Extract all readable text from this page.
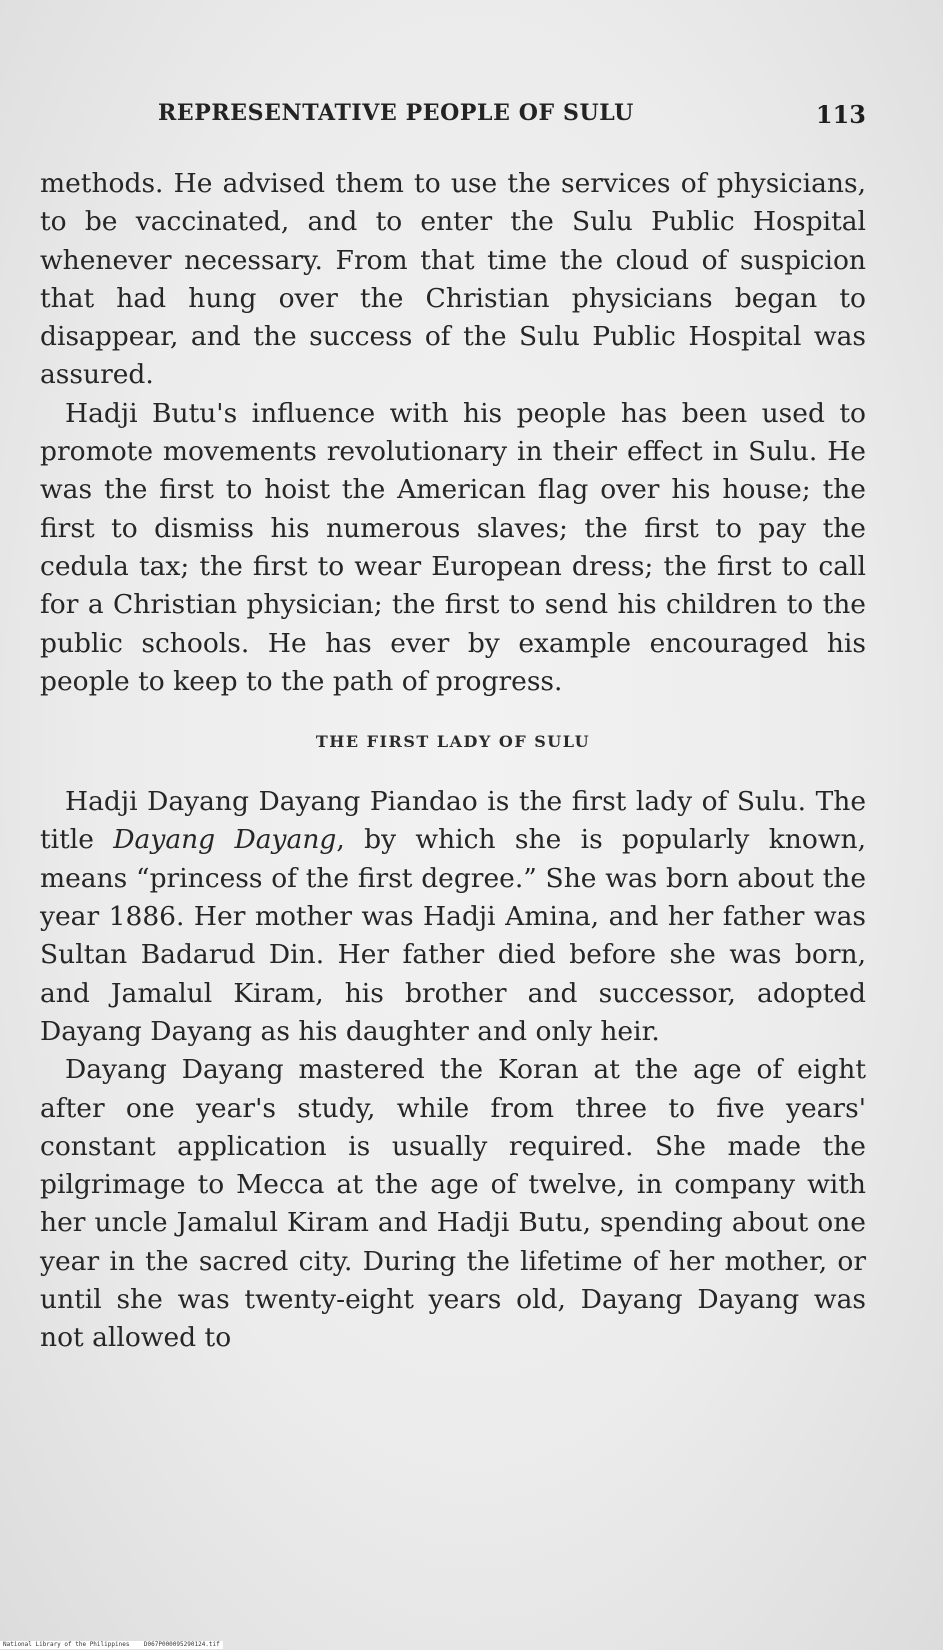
REPRESENTATIVE PEOPLE OF SULU	113

methods. He advised them to use the services of physicians, to be vaccinated, and to enter the Sulu Public Hospital whenever necessary. From that time the cloud of suspicion that had hung over the Christian physicians began to disappear, and the success of the Sulu Public Hospital was assured.

Hadji Butu's influence with his people has been used to promote movements revolutionary in their effect in Sulu. He was the first to hoist the American flag over his house; the first to dismiss his numerous slaves; the first to pay the cedula tax; the first to wear European dress; the first to call for a Christian physician; the first to send his children to the public schools. He has ever by example encouraged his people to keep to the path of progress.

THE FIRST LADY OF SULU

Hadji Dayang Dayang Piandao is the first lady of Sulu. The title Dayang Dayang, by which she is popularly known, means “princess of the first degree.” She was born about the year 1886. Her mother was Hadji Amina, and her father was Sultan Badarud Din. Her father died before she was born, and Jamalul Kiram, his brother and successor, adopted Dayang Dayang as his daughter and only heir.

Dayang Dayang mastered the Koran at the age of eight after one year's study, while from three to five years' constant application is usually required. She made the pilgrimage to Mecca at the age of twelve, in company with her uncle Jamalul Kiram and Hadji Butu, spending about one year in the sacred city. During the lifetime of her mother, or until she was twenty-eight years old, Dayang Dayang was not allowed to

National Library of the Philippines D067P000095290124.tif
